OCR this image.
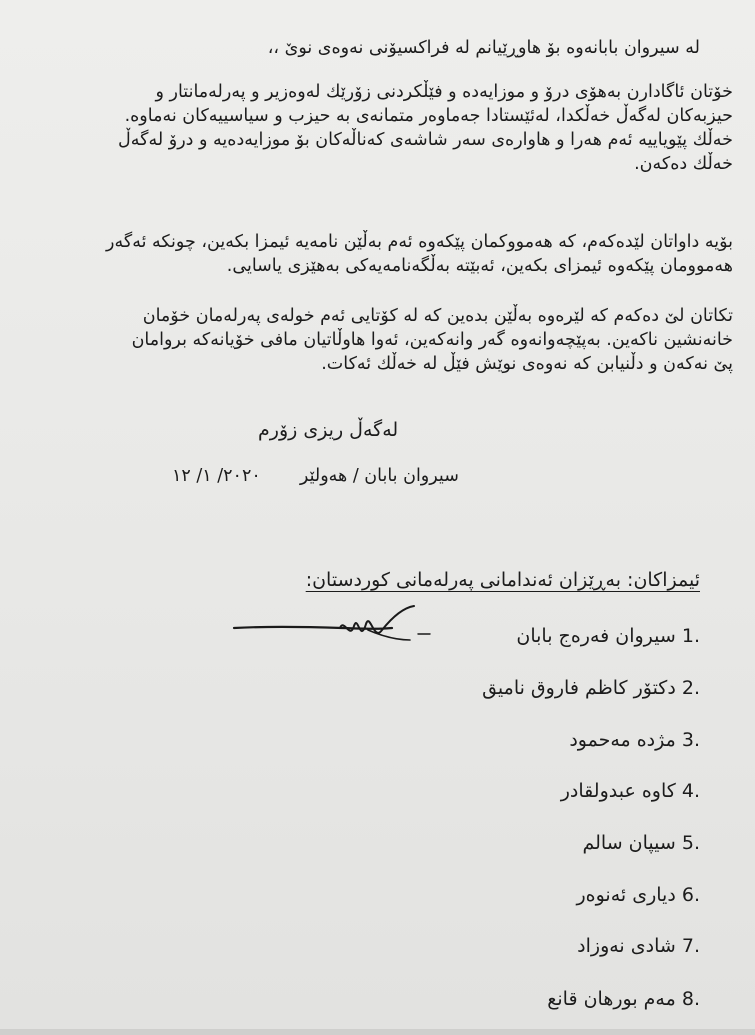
له سیروان بابانەوە بۆ هاوڕێیانم لە فراکسیۆنی نەوەی نوێ ،،
خۆتان ئاگادارن بەهۆی درۆ و موزایەدە و فێڵکردنی زۆرێك لەوەزیر و پەرلەمانتار و
حیزبەکان لەگەڵ خەڵکدا، لەئێستادا جەماوەر متمانەی بە حیزب و سیاسییەکان نەماوە.
خەڵك پێویاییە ئەم هەرا و هاوارەی سەر شاشەی کەناڵەکان بۆ موزایەدەیە و درۆ لەگەڵ
خەڵك دەکەن.
بۆیە داواتان لێدەکەم، کە هەمووکمان پێکەوە ئەم بەڵێن نامەیە ئیمزا بکەین، چونکە ئەگەر
هەموومان پێکەوە ئیمزای بکەین، ئەبێتە بەڵگەنامەیەکی بەهێزی یاسایی.
تکاتان لێ دەکەم کە لێرەوە بەڵێن بدەین کە لە کۆتایی ئەم خولەی پەرلەمان خۆمان
خانەنشین ناکەین. بەپێچەوانەوە گەر وانەکەین، ئەوا هاوڵاتیان مافی خۆیانەکە بروامان
پێ نەکەن و دڵنیابن کە نەوەی نوێش فێڵ لە خەڵك ئەکات.
لەگەڵ ریزی زۆرم
سیروان بابان / هەولێر  ٢٠٢٠/ ١/ ١٢
ئیمزاکان: بەڕێزان ئەندامانی پەرلەمانی کوردستان:
1. سیروان فەرەج بابان
2. دکتۆر کاظم فاروق ناميق
3. مژدە مەحمود
4. کاوە عبدولقادر
5. سیپان سالم
6. دیاری ئەنوەر
7. شادی نەوزاد
8. مەم بورهان قانع
